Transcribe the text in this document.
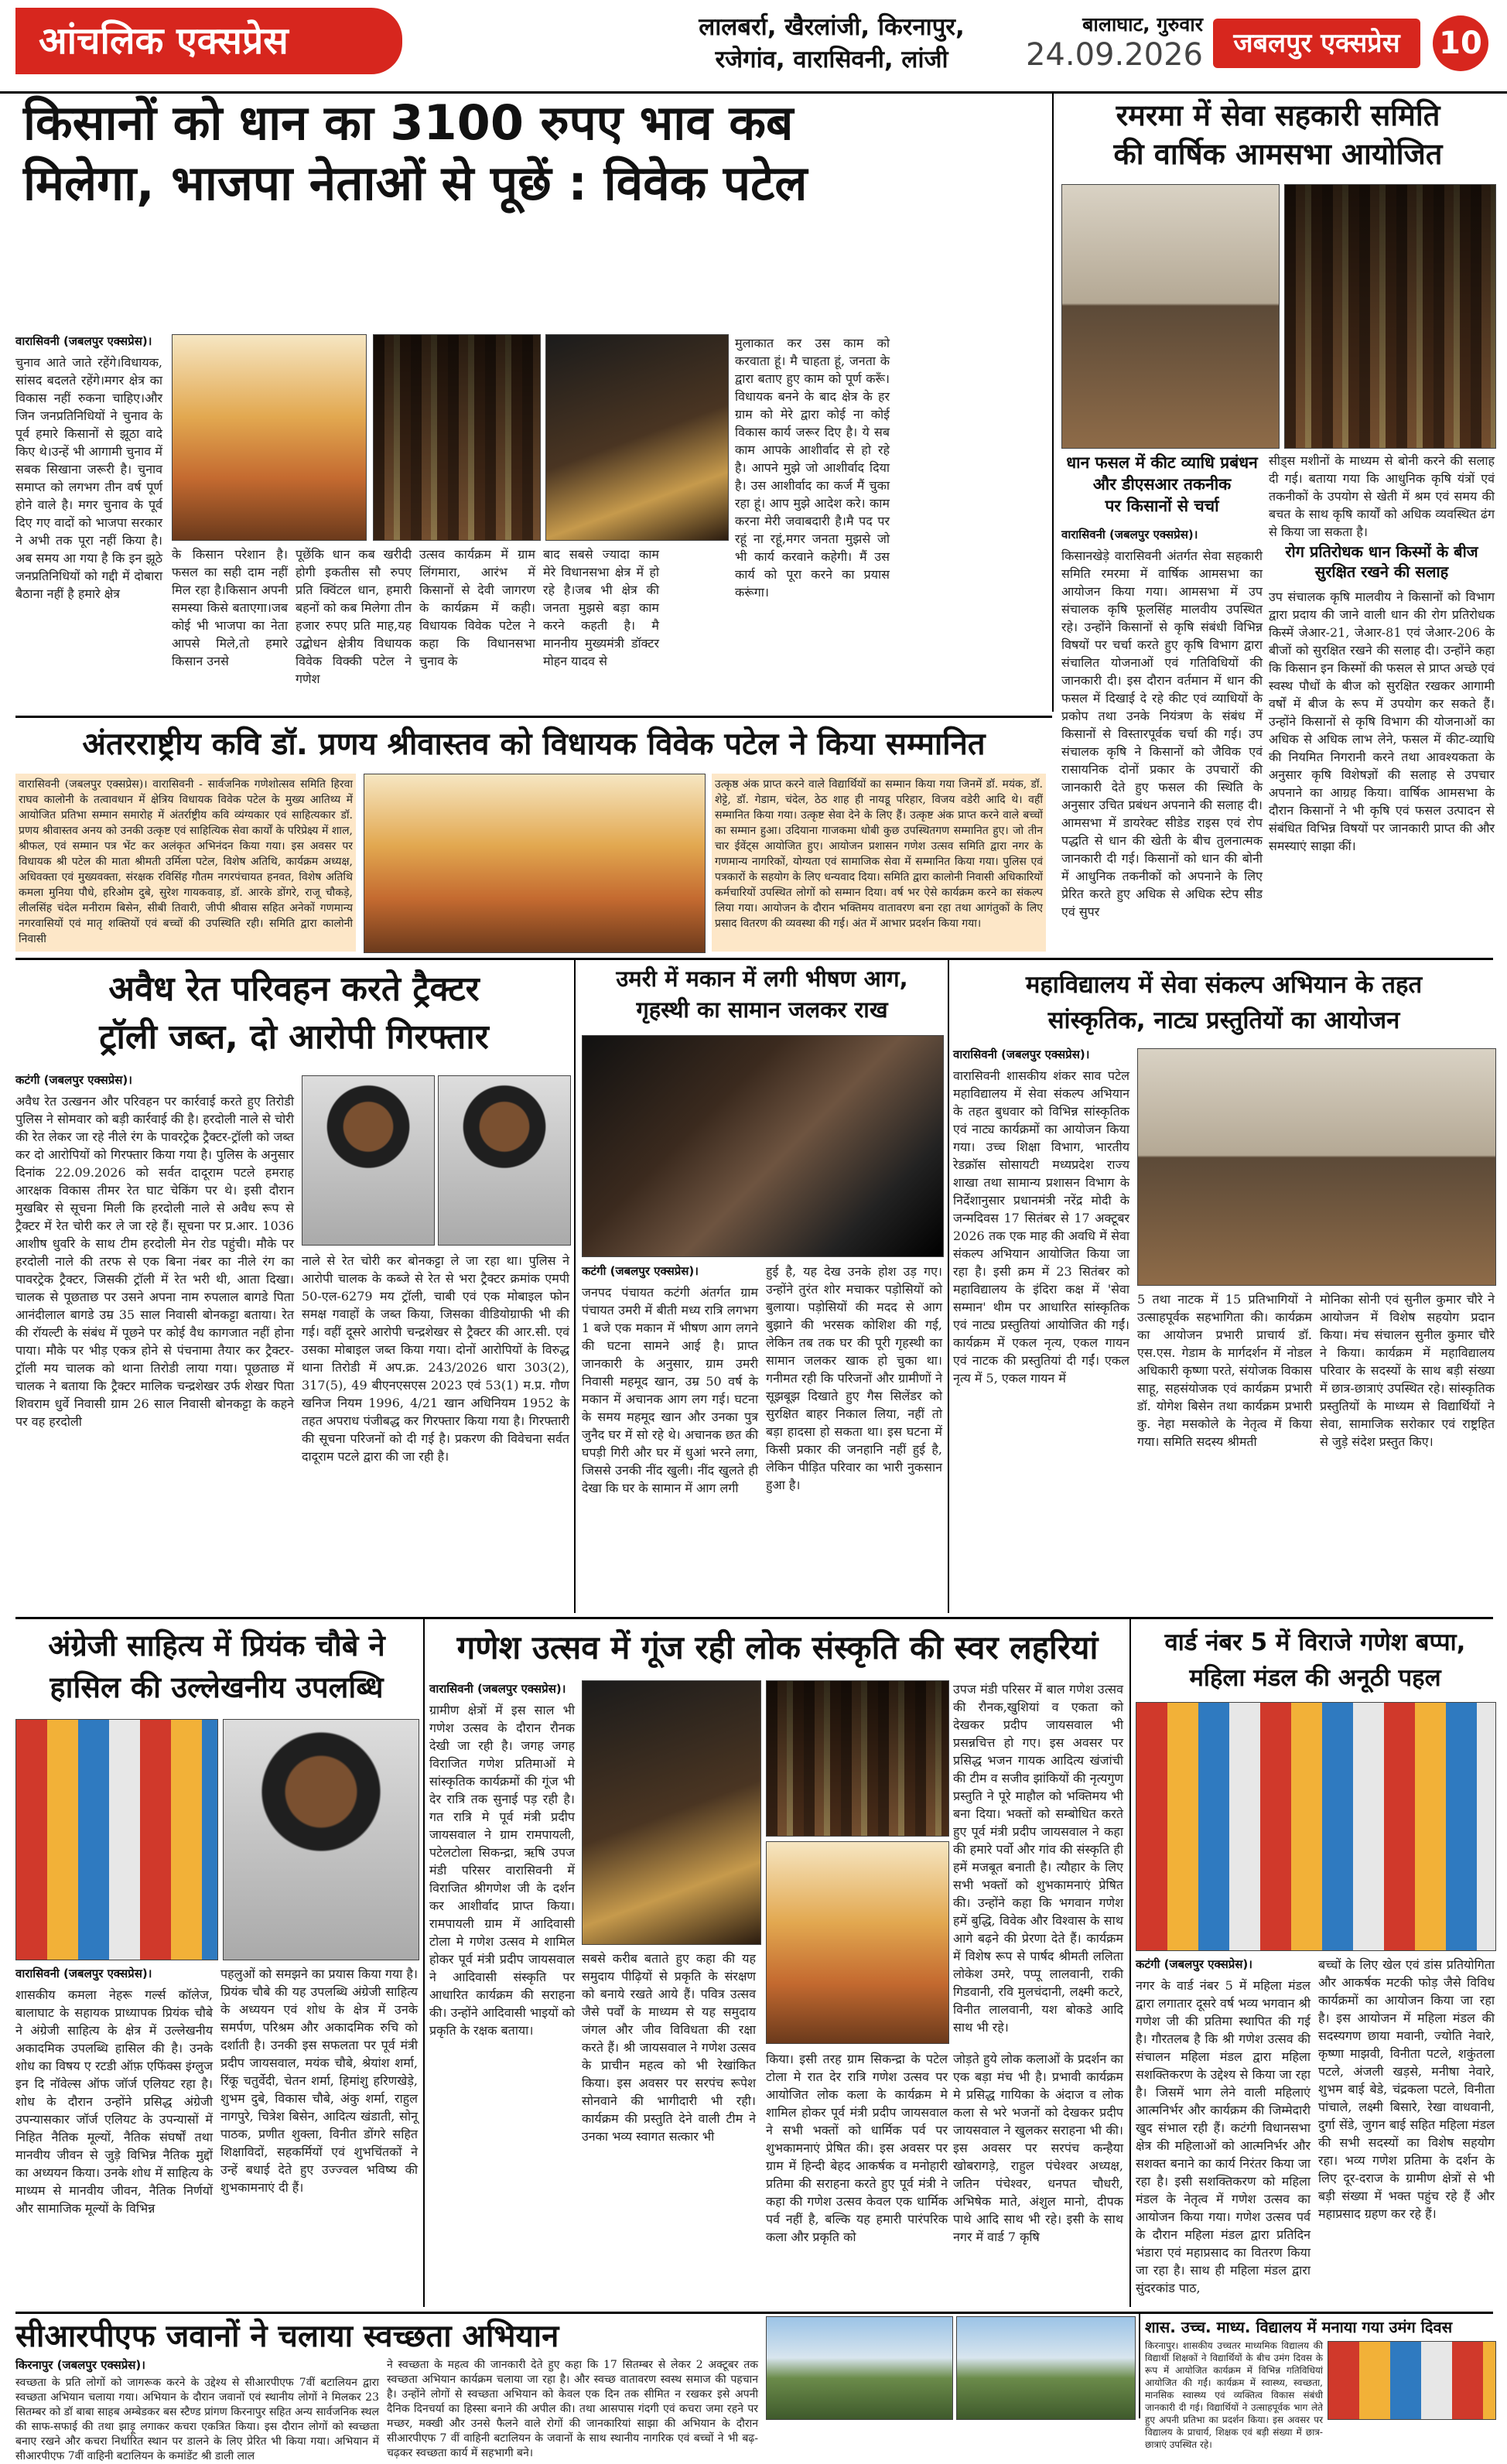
आंचलिक एक्सप्रेस	लालबर्रा, खैरलांजी, किरनापुर,
रजेगांव, वारासिवनी, लांजी
बालाघाट, गुरुवार
24.09.2026	जबलपुर एक्सप्रेस	10
किसानों को धान का 3100 रुपए भाव कब
मिलेगा, भाजपा नेताओं से पूछें : विवेक पटेल
वारासिवनी (जबलपुर एक्सप्रेस)।
चुनाव आते जाते रहेंगे।विधायक, सांसद बदलते रहेंगे।मगर क्षेत्र का विकास नहीं रुकना चाहिए।और जिन जनप्रतिनिधियों ने चुनाव के पूर्व हमारे किसानों से झूठा वादे किए थे।उन्हें भी आगामी चुनाव में सबक सिखाना जरूरी है। चुनाव समाप्त को लगभग तीन वर्ष पूर्ण होने वाले है। मगर चुनाव के पूर्व दिए गए वादों को भाजपा सरकार ने अभी तक पूरा नहीं किया है। अब समय आ गया है कि इन झूठे जनप्रतिनिधियों को गद्दी में दोबारा बैठाना नहीं है हमारे क्षेत्र
के किसान परेशान है। फसल का सही दाम नहीं मिल रहा है।किसान अपनी समस्या किसे बताएगा।जब कोई भी भाजपा का नेता आपसे मिले,तो हमारे किसान उनसे
पूछेंकि धान कब खरीदी होगी इकतीस सौ रुपए प्रति क्विंटल धान, हमारी बहनों को कब मिलेगा तीन हजार रुपए प्रति माह,यह उद्बोधन क्षेत्रीय विधायक विवेक विक्की पटेल ने गणेश
उत्सव कार्यक्रम में ग्राम लिंगमारा, आरंभ में किसानों से देवी जागरण के कार्यक्रम में कही। विधायक विवेक पटेल ने कहा कि विधानसभा चुनाव के
बाद सबसे ज्यादा काम मेरे विधानसभा क्षेत्र में हो रहे है।जब भी क्षेत्र की जनता मुझसे बड़ा काम करने कहती है। मै माननीय मुख्यमंत्री डॉक्टर मोहन यादव से
मुलाकात कर उस काम को करवाता हूं। मै चाहता हूं, जनता के द्वारा बताए हुए काम को पूर्ण करूँ। विधायक बनने के बाद क्षेत्र के हर ग्राम को मेरे द्वारा कोई ना कोई विकास कार्य जरूर दिए है। ये सब काम आपके आशीर्वाद से हो रहे है। आपने मुझे जो आशीर्वाद दिया है। उस आशीर्वाद का कर्ज मैं चुका रहा हूं। आप मुझे आदेश करे। काम करना मेरी जवाबदारी है।मै पद पर रहूं ना रहूं,मगर जनता मुझसे जो भी कार्य करवाने कहेगी। मैं उस कार्य को पूरा करने का प्रयास करूंगा।
रमरमा में सेवा सहकारी समिति
की वार्षिक आमसभा आयोजित
धान फसल में कीट व्याधि प्रबंधन
और डीएसआर तकनीक
पर किसानों से चर्चा
सीड्स मशीनों के माध्यम से बोनी करने की सलाह दी गई। बताया गया कि आधुनिक कृषि यंत्रों एवं तकनीकों के उपयोग से खेती में श्रम एवं समय की बचत के साथ कृषि कार्यों को अधिक व्यवस्थित ढंग से किया जा सकता है।
रोग प्रतिरोधक धान किस्मों के बीज सुरक्षित रखने की सलाह
उप संचालक कृषि मालवीय ने किसानों को विभाग द्वारा प्रदाय की जाने वाली धान की रोग प्रतिरोधक किस्में जेआर-21, जेआर-81 एवं जेआर-206 के बीजों को सुरक्षित रखने की सलाह दी। उन्होंने कहा कि किसान इन किस्मों की फसल से प्राप्त अच्छे एवं स्वस्थ पौधों के बीज को सुरक्षित रखकर आगामी वर्षों में बीज के रूप में उपयोग कर सकते हैं। उन्होंने किसानों से कृषि विभाग की योजनाओं का अधिक से अधिक लाभ लेने, फसल में कीट-व्याधि की नियमित निगरानी करने तथा आवश्यकता के अनुसार कृषि विशेषज्ञों की सलाह से उपचार अपनाने का आग्रह किया। वार्षिक आमसभा के दौरान किसानों ने भी कृषि एवं फसल उत्पादन से संबंधित विभिन्न विषयों पर जानकारी प्राप्त की और समस्याएं साझा कीं।
वारासिवनी (जबलपुर एक्सप्रेस)।
किसानखेड़े वारासिवनी अंतर्गत सेवा सहकारी समिति रमरमा में वार्षिक आमसभा का आयोजन किया गया। आमसभा में उप संचालक कृषि फूलसिंह मालवीय उपस्थित रहे। उन्होंने किसानों से कृषि संबंधी विभिन्न विषयों पर चर्चा करते हुए कृषि विभाग द्वारा संचालित योजनाओं एवं गतिविधियों की जानकारी दी। इस दौरान वर्तमान में धान की फसल में दिखाई दे रहे कीट एवं व्याधियों के प्रकोप तथा उनके नियंत्रण के संबंध में किसानों से विस्तारपूर्वक चर्चा की गई। उप संचालक कृषि ने किसानों को जैविक एवं रासायनिक दोनों प्रकार के उपचारों की जानकारी देते हुए फसल की स्थिति के अनुसार उचित प्रबंधन अपनाने की सलाह दी। आमसभा में डायरेक्ट सीडेड राइस एवं रोप पद्धति से धान की खेती के बीच तुलनात्मक जानकारी दी गई। किसानों को धान की बोनी में आधुनिक तकनीकों को अपनाने के लिए प्रेरित करते हुए अधिक से अधिक स्टेप सीड एवं सुपर
अंतरराष्ट्रीय कवि डॉ. प्रणय श्रीवास्तव को विधायक विवेक पटेल ने किया सम्मानित
वारासिवनी (जबलपुर एक्सप्रेस)। वारासिवनी - सार्वजनिक गणेशोत्सव समिति हिरवा राघव कालोनी के तत्वावधान में क्षेत्रिय विधायक विवेक पटेल के मुख्य आतिथ्य में आयोजित प्रतिभा सम्मान समारोह में अंतर्राष्ट्रीय कवि व्यंग्यकार एवं साहित्यकार डॉ. प्रणय श्रीवास्तव अनय को उनकी उत्कृष्ट एवं साहित्यिक सेवा कार्यों के परिप्रेक्ष्य में शाल, श्रीफल, एवं सम्मान पत्र भेंट कर अलंकृत अभिनंदन किया गया। इस अवसर पर विधायक श्री पटेल की माता श्रीमती उर्मिला पटेल, विशेष अतिथि, कार्यक्रम अध्यक्ष, अधिवक्ता एवं मुख्यवक्ता, संरक्षक रविसिंह गौतम नगरपंचायत हनवत, विशेष अतिथि कमला मुनिया पौधे, हरिओम दुबे, सुरेश गायकवाड़, डॉ. आरके डोंगरे, राजू चौकड़े, लीलसिंह चंदेल मनीराम बिसेन, सीबी तिवारी, जीपी श्रीवास सहित अनेकों गणमान्य नगरवासियों एवं मातृ शक्तियों एवं बच्चों की उपस्थिति रही। समिति द्वारा कालोनी निवासी
उत्कृष्ठ अंक प्राप्त करने वाले विद्यार्थियों का सम्मान किया गया जिनमें डॉ. मयंक, डॉ. शेट्टे, डॉ. गेडाम, चंदेल, ठेठ शाह ही नायडू परिहार, विजय वडेरी आदि थे। वहीं सम्मानित किया गया। उत्कृष्ट सेवा देने के लिए हैं। उत्कृष्ट अंक प्राप्त करने वाले बच्चों का सम्मान हुआ। उदियाना गाजकमा धोबी कुछ उपस्थितगण सम्मानित हुए। जो तीन चार ईवेंट्स आयोजित हुए। आयोजन प्रशासन गणेश उत्सव समिति द्वारा नगर के गणमान्य नागरिकों, योग्यता एवं सामाजिक सेवा में सम्मानित किया गया। पुलिस एवं पत्रकारों के सहयोग के लिए धन्यवाद दिया। समिति द्वारा कालोनी निवासी अधिकारियों कर्मचारियों उपस्थित लोगों को सम्मान दिया। वर्ष भर ऐसे कार्यक्रम करने का संकल्प लिया गया। आयोजन के दौरान भक्तिमय वातावरण बना रहा तथा आगंतुकों के लिए प्रसाद वितरण की व्यवस्था की गई। अंत में आभार प्रदर्शन किया गया।
अवैध रेत परिवहन करते ट्रैक्टर
ट्रॉली जब्त, दो आरोपी गिरफ्तार
कटंगी (जबलपुर एक्सप्रेस)।
अवैध रेत उत्खनन और परिवहन पर कार्रवाई करते हुए तिरोडी पुलिस ने सोमवार को बड़ी कार्रवाई की है। हरदोली नाले से चोरी की रेत लेकर जा रहे नीले रंग के पावरट्रेक ट्रैक्टर-ट्रॉली को जब्त कर दो आरोपियों को गिरफ्तार किया गया है। पुलिस के अनुसार दिनांक 22.09.2026 को सर्वत दादूराम पटले हमराह आरक्षक विकास तीमर रेत घाट चेकिंग पर थे। इसी दौरान मुखबिर से सूचना मिली कि हरदोली नाले से अवैध रूप से ट्रैक्टर में रेत चोरी कर ले जा रहे हैं। सूचना पर प्र.आर. 1036 आशीष धुर्वारे के साथ टीम हरदोली मेन रोड पहुंची। मौके पर हरदोली नाले की तरफ से एक बिना नंबर का नीले रंग का पावरट्रेक ट्रैक्टर, जिसकी ट्रॉली में रेत भरी थी, आता दिखा। चालक से पूछताछ पर उसने अपना नाम रुपलाल बागडे पिता आनंदीलाल बागडे उम्र 35 साल निवासी बोनकट्टा बताया। रेत की रॉयल्टी के संबंध में पूछने पर कोई वैध कागजात नहीं होना पाया। मौके पर भीड़ एकत्र होने से पंचनामा तैयार कर ट्रैक्टर-ट्रॉली मय चालक को थाना तिरोडी लाया गया। पूछताछ में चालक ने बताया कि ट्रैक्टर मालिक चन्द्रशेखर उर्फ शेखर पिता शिवराम धुर्वे निवासी ग्राम 26 साल निवासी बोनकट्टा के कहने पर वह हरदोली
नाले से रेत चोरी कर बोनकट्टा ले जा रहा था। पुलिस ने आरोपी चालक के कब्जे से रेत से भरा ट्रैक्टर क्रमांक एमपी 50-एल-6279 मय ट्रॉली, चाबी एवं एक मोबाइल फोन समक्ष गवाहों के जब्त किया, जिसका वीडियोग्राफी भी की गई। वहीं दूसरे आरोपी चन्द्रशेखर से ट्रैक्टर की आर.सी. एवं उसका मोबाइल जब्त किया गया। दोनों आरोपियों के विरुद्ध थाना तिरोडी में अप.क्र. 243/2026 धारा 303(2), 317(5), 49 बीएनएसएस 2023 एवं 53(1) म.प्र. गौण खनिज नियम 1996, 4/21 खान अधिनियम 1952 के तहत अपराध पंजीबद्ध कर गिरफ्तार किया गया है। गिरफ्तारी की सूचना परिजनों को दी गई है। प्रकरण की विवेचना सर्वत दादूराम पटले द्वारा की जा रही है।
उमरी में मकान में लगी भीषण आग,
गृहस्थी का सामान जलकर राख
कटंगी (जबलपुर एक्सप्रेस)।
जनपद पंचायत कटंगी अंतर्गत ग्राम पंचायत उमरी में बीती मध्य रात्रि लगभग 1 बजे एक मकान में भीषण आग लगने की घटना सामने आई है। प्राप्त जानकारी के अनुसार, ग्राम उमरी निवासी महमूद खान, उम्र 50 वर्ष के मकान में अचानक आग लग गई। घटना के समय महमूद खान और उनका पुत्र जुनैद घर में सो रहे थे। अचानक छत की घपड़ी गिरी और घर में धुआं भरने लगा, जिससे उनकी नींद खुली। नींद खुलते ही देखा कि घर के सामान में आग लगी
हुई है, यह देख उनके होश उड़ गए। उन्होंने तुरंत शोर मचाकर पड़ोसियों को बुलाया। पड़ोसियों की मदद से आग बुझाने की भरसक कोशिश की गई, लेकिन तब तक घर की पूरी गृहस्थी का सामान जलकर खाक हो चुका था। गनीमत रही कि परिजनों और ग्रामीणों ने सूझबूझ दिखाते हुए गैस सिलेंडर को सुरक्षित बाहर निकाल लिया, नहीं तो बड़ा हादसा हो सकता था। इस घटना में किसी प्रकार की जनहानि नहीं हुई है, लेकिन पीड़ित परिवार का भारी नुकसान हुआ है।
महाविद्यालय में सेवा संकल्प अभियान के तहत
सांस्कृतिक, नाट्य प्रस्तुतियों का आयोजन
वारासिवनी (जबलपुर एक्सप्रेस)।
वारासिवनी शासकीय शंकर साव पटेल महाविद्यालय में सेवा संकल्प अभियान के तहत बुधवार को विभिन्न सांस्कृतिक एवं नाट्य कार्यक्रमों का आयोजन किया गया। उच्च शिक्षा विभाग, भारतीय रेडक्रॉस सोसायटी मध्यप्रदेश राज्य शाखा तथा सामान्य प्रशासन विभाग के निर्देशानुसार प्रधानमंत्री नरेंद्र मोदी के जन्मदिवस 17 सितंबर से 17 अक्टूबर 2026 तक एक माह की अवधि में सेवा संकल्प अभियान आयोजित किया जा रहा है। इसी क्रम में 23 सितंबर को महाविद्यालय के इंदिरा कक्ष में 'सेवा सम्मान' थीम पर आधारित सांस्कृतिक एवं नाट्य प्रस्तुतियां आयोजित की गईं। कार्यक्रम में एकल नृत्य, एकल गायन एवं नाटक की प्रस्तुतियां दी गईं। एकल नृत्य में 5, एकल गायन में
5 तथा नाटक में 15 प्रतिभागियों ने उत्साहपूर्वक सहभागिता की। कार्यक्रम का आयोजन प्रभारी प्राचार्य डॉ. एस.एस. गेडाम के मार्गदर्शन में नोडल अधिकारी कृष्णा परते, संयोजक विकास साहू, सहसंयोजक एवं कार्यक्रम प्रभारी डॉ. योगेश बिसेन तथा कार्यक्रम प्रभारी कु. नेहा मसकोले के नेतृत्व में किया गया। समिति सदस्य श्रीमती
मोनिका सोनी एवं सुनील कुमार चौरे ने आयोजन में विशेष सहयोग प्रदान किया। मंच संचालन सुनील कुमार चौरे ने किया। कार्यक्रम में महाविद्यालय परिवार के सदस्यों के साथ बड़ी संख्या में छात्र-छात्राएं उपस्थित रहे। सांस्कृतिक प्रस्तुतियों के माध्यम से विद्यार्थियों ने सेवा, सामाजिक सरोकार एवं राष्ट्रहित से जुड़े संदेश प्रस्तुत किए।
अंग्रेजी साहित्य में प्रियंक चौबे ने
हासिल की उल्लेखनीय उपलब्धि
वारासिवनी (जबलपुर एक्सप्रेस)।
शासकीय कमला नेहरू गर्ल्स कॉलेज, बालाघाट के सहायक प्राध्यापक प्रियंक चौबे ने अंग्रेजी साहित्य के क्षेत्र में उल्लेखनीय अकादमिक उपलब्धि हासिल की है। उनके शोध का विषय ए रटडी ऑफ़ एफिंक्स इंग्लुज इन दि नॉवेल्स ऑफ जॉर्ज एलियट रहा है। शोध के दौरान उन्होंने प्रसिद्ध अंग्रेजी उपन्यासकार जॉर्ज एलियट के उपन्यासों में निहित नैतिक मूल्यों, नैतिक संघर्षों तथा मानवीय जीवन से जुड़े विभिन्न नैतिक मुद्दों का अध्ययन किया। उनके शोध में साहित्य के माध्यम से मानवीय जीवन, नैतिक निर्णयों और सामाजिक मूल्यों के विभिन्न
पहलुओं को समझने का प्रयास किया गया है। प्रियंक चौबे की यह उपलब्धि अंग्रेजी साहित्य के अध्ययन एवं शोध के क्षेत्र में उनके समर्पण, परिश्रम और अकादमिक रुचि को दर्शाती है। उनकी इस सफलता पर पूर्व मंत्री प्रदीप जायसवाल, मयंक चौबे, श्रेयांश शर्मा, रिंकू चतुर्वेदी, चेतन शर्मा, हिमांशु हरिणखेड़े, शुभम दुबे, विकास चौबे, अंकु शर्मा, राहुल नागपुरे, चित्रेश बिसेन, आदित्य खंडाती, सोनू पाठक, प्रणीत शुक्ला, विनीत डोंगरे सहित शिक्षाविदों, सहकर्मियों एवं शुभचिंतकों ने उन्हें बधाई देते हुए उज्ज्वल भविष्य की शुभकामनाएं दी हैं।
गणेश उत्सव में गूंज रही लोक संस्कृति की स्वर लहरियां
वारासिवनी (जबलपुर एक्सप्रेस)।
ग्रामीण क्षेत्रों में इस साल भी गणेश उत्सव के दौरान रौनक देखी जा रही है। जगह जगह विराजित गणेश प्रतिमाओं मे सांस्कृतिक कार्यक्रमों की गूंज भी देर रात्रि तक सुनाई पड़ रही है। गत रात्रि मे पूर्व मंत्री प्रदीप जायसवाल ने ग्राम रामपायली, पटेलटोला सिकन्द्रा, ऋषि उपज मंडी परिसर वारासिवनी में विराजित श्रीगणेश जी के दर्शन कर आशीर्वाद प्राप्त किया। रामपायली ग्राम में आदिवासी टोला मे गणेश उत्सव मे शामिल होकर पूर्व मंत्री प्रदीप जायसवाल ने आदिवासी संस्कृति पर आधारित कार्यक्रम की सराहना की। उन्होंने आदिवासी भाइयों को प्रकृति के रक्षक बताया।
सबसे करीब बताते हुए कहा की यह समुदाय पीढ़ियों से प्रकृति के संरक्षण को बनाये रखते आये हैं। पवित्र उत्सव जैसे पर्वों के माध्यम से यह समुदाय जंगल और जीव विविधता की रक्षा करते हैं। श्री जायसवाल ने गणेश उत्सव के प्राचीन महत्व को भी रेखांकित किया। इस अवसर पर सरपंच रूपेश सोनवाने की भागीदारी भी रही। कार्यक्रम की प्रस्तुति देने वाली टीम ने उनका भव्य स्वागत सत्कार भी
किया। इसी तरह ग्राम सिकन्द्रा के पटेल टोला मे रात देर रात्रि गणेश उत्सव पर आयोजित लोक कला के कार्यक्रम मे शामिल होकर पूर्व मंत्री प्रदीप जायसवाल ने सभी भक्तों को धार्मिक पर्व पर शुभकामनाएं प्रेषित की। इस अवसर पर ग्राम में हिन्दी बेहद आकर्षक व मनोहारी प्रतिमा की सराहना करते हुए पूर्व मंत्री ने कहा की गणेश उत्सव केवल एक धार्मिक पर्व नहीं है, बल्कि यह हमारी पारंपरिक कला और प्रकृति को
जोड़ते हुये लोक कलाओं के प्रदर्शन का एक बड़ा मंच भी है। प्रभावी कार्यक्रम मे प्रसिद्ध गायिका के अंदाज व लोक कला से भरे भजनों को देखकर प्रदीप जायसवाल ने खुलकर सराहना भी की। इस अवसर पर सरपंच कन्हैया खोबरागड़े, राहुल पंचेश्वर अध्यक्ष, जतिन पंचेश्वर, धनपत चौधरी, अभिषेक माते, अंशुल मानो, दीपक पाथे आदि साथ भी रहे। इसी के साथ नगर में वार्ड 7 कृषि
उपज मंडी परिसर में बाल गणेश उत्सव की रौनक,खुशियां व एकता को देखकर प्रदीप जायसवाल भी प्रसन्नचित्त हो गए। इस अवसर पर प्रसिद्ध भजन गायक आदित्य खंजांची की टीम व सजीव झांकियों की नृत्यगुण प्रस्तुति ने पूरे माहौल को भक्तिमय भी बना दिया। भक्तों को सम्बोधित करते हुए पूर्व मंत्री प्रदीप जायसवाल ने कहा की हमारे पर्वो और गांव की संस्कृति ही हमें मजबूत बनाती है। त्यौहार के लिए सभी भक्तों को शुभकामनाएं प्रेषित की। उन्होंने कहा कि भगवान गणेश हमें बुद्धि, विवेक और विश्वास के साथ आगे बढ़ने की प्रेरणा देते हैं। कार्यक्रम में विशेष रूप से पार्षद श्रीमती ललिता लोकेश उमरे, पप्पू लालवानी, राकी गिडवानी, रवि मुलचंदानी, लक्ष्मी कटरे, विनीत लालवानी, यश बोकडे आदि साथ भी रहे।
वार्ड नंबर 5 में विराजे गणेश बप्पा,
महिला मंडल की अनूठी पहल
कटंगी (जबलपुर एक्सप्रेस)।
नगर के वार्ड नंबर 5 में महिला मंडल द्वारा लगातार दूसरे वर्ष भव्य भगवान श्री गणेश जी की प्रतिमा स्थापित की गई है। गौरतलब है कि श्री गणेश उत्सव की संचालन महिला मंडल द्वारा महिला सशक्तिकरण के उद्देश्य से किया जा रहा है। जिसमें भाग लेने वाली महिलाएं आत्मनिर्भर और कार्यक्रम की जिम्मेदारी खुद संभाल रही हैं। कटंगी विधानसभा क्षेत्र की महिलाओं को आत्मनिर्भर और सशक्त बनाने का कार्य निरंतर किया जा रहा है। इसी सशक्तिकरण को महिला मंडल के नेतृत्व में गणेश उत्सव का आयोजन किया गया। गणेश उत्सव पर्व के दौरान महिला मंडल द्वारा प्रतिदिन भंडारा एवं महाप्रसाद का वितरण किया जा रहा है। साथ ही महिला मंडल द्वारा सुंदरकांड पाठ,
बच्चों के लिए खेल एवं डांस प्रतियोगिता और आकर्षक मटकी फोड़ जैसे विविध कार्यक्रमों का आयोजन किया जा रहा है। इस आयोजन में महिला मंडल की सदस्यगण छाया मवानी, ज्योति नेवारे, कृष्णा माझवी, विनीता पटले, शकुंतला पटले, अंजली खड़से, मनीषा नेवारे, शुभम बाई बेडे, चंद्रकला पटले, विनीता पांचाले, लक्ष्मी बिसारे, रेखा वाधवानी, दुर्गा सेंडे, जुगन बाई सहित महिला मंडल की सभी सदस्यों का विशेष सहयोग रहा। भव्य गणेश प्रतिमा के दर्शन के लिए दूर-दराज के ग्रामीण क्षेत्रों से भी बड़ी संख्या में भक्त पहुंच रहे हैं और महाप्रसाद ग्रहण कर रहे हैं।
सीआरपीएफ जवानों ने चलाया स्वच्छता अभियान
किरनापुर (जबलपुर एक्सप्रेस)।
स्वच्छता के प्रति लोगों को जागरूक करने के उद्देश्य से सीआरपीएफ 7वीं बटालियन द्वारा स्वच्छता अभियान चलाया गया। अभियान के दौरान जवानों एवं स्थानीय लोगों ने मिलकर 23 सितम्बर को डॉ बाबा साहब अम्बेडकर बस स्टैण्ड प्रांगण किरनापुर सहित अन्य सार्वजनिक स्थल की साफ-सफाई की तथा झाड़ू लगाकर कचरा एकत्रित किया। इस दौरान लोगों को स्वच्छता बनाए रखने और कचरा निर्धारित स्थान पर डालने के लिए प्रेरित भी किया गया। अभियान में सीआरपीएफ 7वीं वाहिनी बटालियन के कमांडेंट श्री डाली लाल
ने स्वच्छता के महत्व की जानकारी देते हुए कहा कि 17 सितम्बर से लेकर 2 अक्टूबर तक स्वच्छता अभियान कार्यक्रम चलाया जा रहा है। और स्वच्छ वातावरण स्वस्थ समाज की पहचान है। उन्होंने लोगों से स्वच्छता अभियान को केवल एक दिन तक सीमित न रखकर इसे अपनी दैनिक दिनचर्या का हिस्सा बनाने की अपील की। तथा आसपास गंदगी एवं कचरा जमा रहने पर मच्छर, मक्खी और उनसे फैलने वाले रोगों की जानकारियां साझा की अभियान के दौरान सीआरपीएफ 7 वीं वाहिनी बटालियन के जवानों के साथ स्थानीय नागरिक एवं बच्चों ने भी बढ़-चढ़कर स्वच्छता कार्य में सहभागी बने।
शास. उच्च. माध्य. विद्यालय में मनाया गया उमंग दिवस
किरनापुर। शासकीय उच्चतर माध्यमिक विद्यालय की विद्यार्थी शिक्षकों ने विद्यार्थियों के बीच उमंग दिवस के रूप में आयोजित कार्यक्रम में विभिन्न गतिविधियां आयोजित की गईं। कार्यक्रम में स्वास्थ्य, स्वच्छता, मानसिक स्वास्थ्य एवं व्यक्तित्व विकास संबंधी जानकारी दी गई। विद्यार्थियों ने उत्साहपूर्वक भाग लेते हुए अपनी प्रतिभा का प्रदर्शन किया। इस अवसर पर विद्यालय के प्राचार्य, शिक्षक एवं बड़ी संख्या में छात्र-छात्राएं उपस्थित रहे।
